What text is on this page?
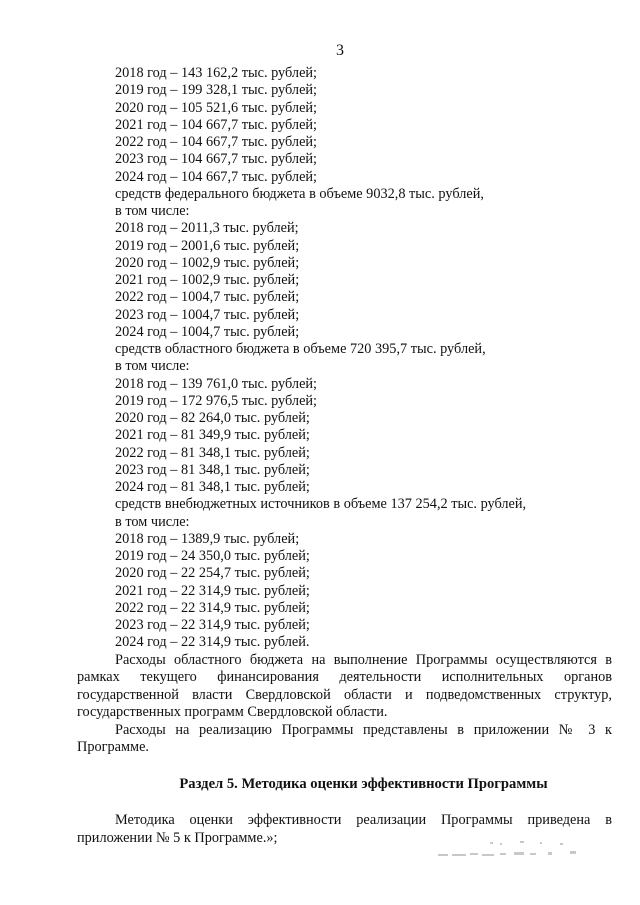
3
2018 год – 143 162,2 тыс. рублей;
2019 год – 199 328,1 тыс. рублей;
2020 год – 105 521,6 тыс. рублей;
2021 год – 104 667,7 тыс. рублей;
2022 год – 104 667,7 тыс. рублей;
2023 год – 104 667,7 тыс. рублей;
2024 год – 104 667,7 тыс. рублей;
средств федерального бюджета в объеме 9032,8 тыс. рублей,
в том числе:
2018 год – 2011,3 тыс. рублей;
2019 год – 2001,6 тыс. рублей;
2020 год – 1002,9 тыс. рублей;
2021 год – 1002,9 тыс. рублей;
2022 год – 1004,7 тыс. рублей;
2023 год – 1004,7 тыс. рублей;
2024 год – 1004,7 тыс. рублей;
средств областного бюджета в объеме 720 395,7 тыс. рублей,
в том числе:
2018 год – 139 761,0 тыс. рублей;
2019 год – 172 976,5 тыс. рублей;
2020 год – 82 264,0 тыс. рублей;
2021 год – 81 349,9 тыс. рублей;
2022 год – 81 348,1 тыс. рублей;
2023 год – 81 348,1 тыс. рублей;
2024 год – 81 348,1 тыс. рублей;
средств внебюджетных источников в объеме 137 254,2 тыс. рублей,
в том числе:
2018 год – 1389,9 тыс. рублей;
2019 год – 24 350,0 тыс. рублей;
2020 год – 22 254,7 тыс. рублей;
2021 год – 22 314,9 тыс. рублей;
2022 год – 22 314,9 тыс. рублей;
2023 год – 22 314,9 тыс. рублей;
2024 год – 22 314,9 тыс. рублей.
Расходы областного бюджета на выполнение Программы осуществляются в рамках текущего финансирования деятельности исполнительных органов государственной власти Свердловской области и подведомственных структур, государственных программ Свердловской области.
Расходы на реализацию Программы представлены в приложении № 3 к Программе.
Раздел 5. Методика оценки эффективности Программы
Методика оценки эффективности реализации Программы приведена в приложении № 5 к Программе.»;
